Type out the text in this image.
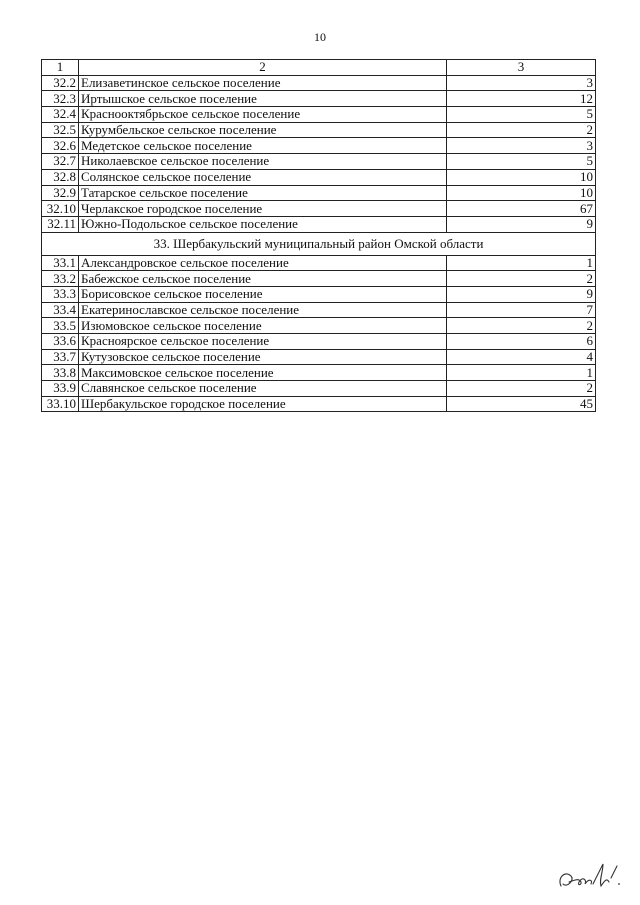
10
1	2	3
32.2	Елизаветинское сельское поселение	3
32.3	Иртышское сельское поселение	12
32.4	Краснооктябрьское сельское поселение	5
32.5	Курумбельское сельское поселение	2
32.6	Медетское сельское поселение	3
32.7	Николаевское сельское поселение	5
32.8	Солянское сельское поселение	10
32.9	Татарское сельское поселение	10
32.10	Черлакское городское поселение	67
32.11	Южно-Подольское сельское поселение	9
33. Шербакульский муниципальный район Омской области		
33.1	Александровское сельское поселение	1
33.2	Бабежское сельское поселение	2
33.3	Борисовское сельское поселение	9
33.4	Екатеринославское сельское поселение	7
33.5	Изюмовское сельское поселение	2
33.6	Красноярское сельское поселение	6
33.7	Кутузовское сельское поселение	4
33.8	Максимовское сельское поселение	1
33.9	Славянское сельское поселение	2
33.10	Шербакульское городское поселение	45
